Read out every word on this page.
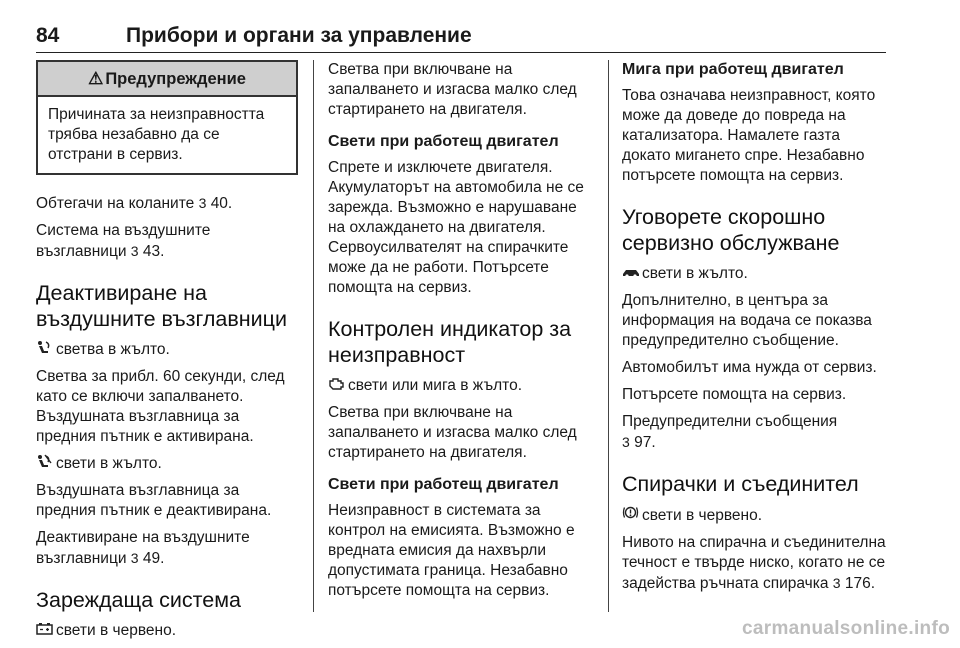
84	Прибори и органи за управление
⚠ Предупреждение
Причината за неизправността трябва незабавно да се отстрани в сервиз.

Обтегачи на коланите 3 40.

Система на въздушните възглавници 3 43.

Деактивиране на въздушните възглавници

светва в жълто.

Светва за прибл. 60 секунди, след като се включи запалването. Въздушната възглавница за предния пътник е активирана.

свети в жълто.

Въздушната възглавница за предния пътник е деактивирана.

Деактивиране на въздушните възглавници 3 49.

Зареждаща система

свети в червено.

Светва при включване на запалването и изгасва малко след стартирането на двигателя.

Свети при работещ двигател

Спрете и изключете двигателя. Акумулаторът на автомобила не се зарежда. Възможно е нарушаване на охлаждането на двигателя. Сервоусилвателят на спирачките може да не работи. Потърсете помощта на сервиз.

Контролен индикатор за неизправност

свети или мига в жълто.

Светва при включване на запалването и изгасва малко след стартирането на двигателя.

Свети при работещ двигател

Неизправност в системата за контрол на емисията. Възможно е вредната емисия да нахвърли допустимата граница. Незабавно потърсете помощта на сервиз.

Мига при работещ двигател

Това означава неизправност, която може да доведе до повреда на катализатора. Намалете газта докато мигането спре. Незабавно потърсете помощта на сервиз.

Уговорете скорошно сервизно обслужване

свети в жълто.

Допълнително, в центъра за информация на водача се показва предупредително съобщение.

Автомобилът има нужда от сервиз.

Потърсете помощта на сервиз.

Предупредителни съобщения
3 97.

Спирачки и съединител

свети в червено.

Нивото на спирачна и съединителна течност е твърде ниско, когато не се задейства ръчната спирачка 3 176.

carmanualsonline.info
